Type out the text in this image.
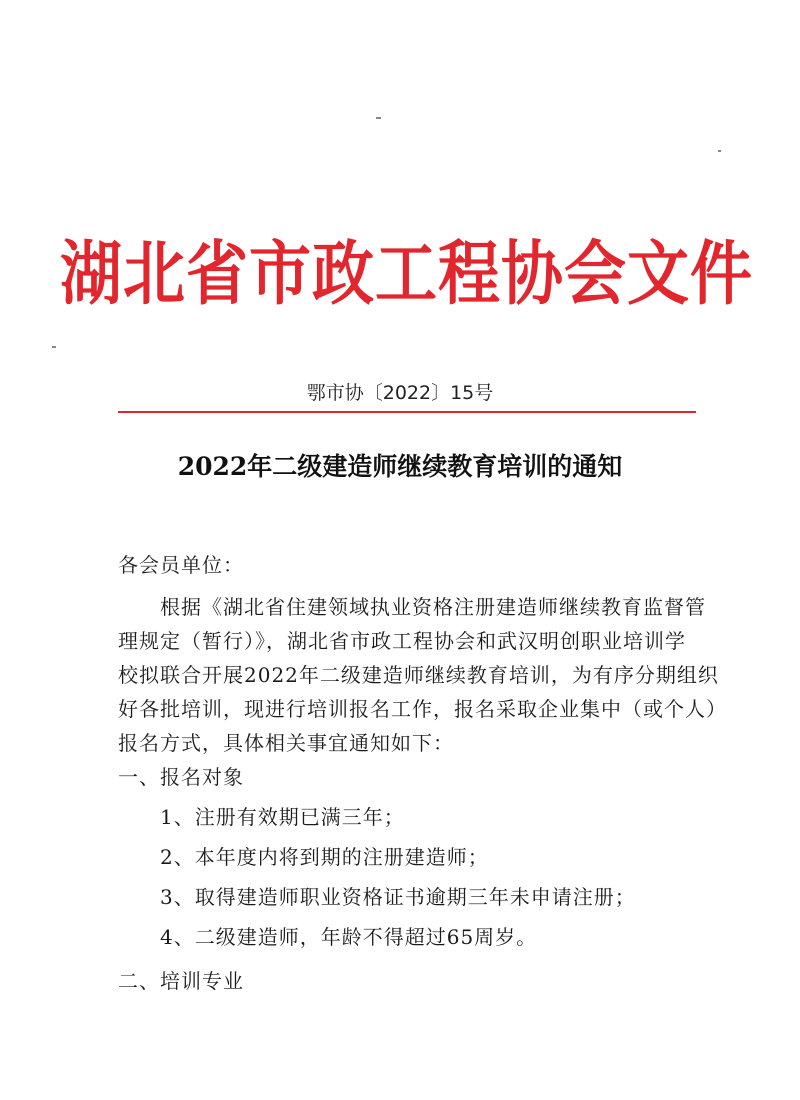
湖北省市政工程协会文件
鄂市协〔2022〕15号
2022年二级建造师继续教育培训的通知

各会员单位：

根据《湖北省住建领域执业资格注册建造师继续教育监督管
理规定（暂行）》，湖北省市政工程协会和武汉明创职业培训学
校拟联合开展2022年二级建造师继续教育培训，为有序分期组织
好各批培训，现进行培训报名工作，报名采取企业集中（或个人）
报名方式，具体相关事宜通知如下：

一、报名对象

1、注册有效期已满三年；

2、本年度内将到期的注册建造师；

3、取得建造师职业资格证书逾期三年未申请注册；

4、二级建造师，年龄不得超过65周岁。

二、培训专业
